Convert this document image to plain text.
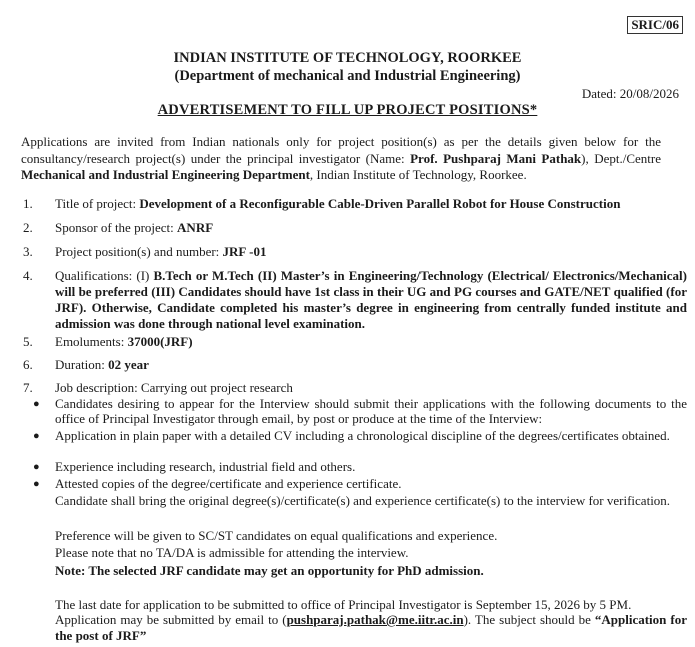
SRIC/06
INDIAN INSTITUTE OF TECHNOLOGY, ROORKEE
(Department of mechanical and Industrial Engineering)
Dated: 20/08/2026
ADVERTISEMENT TO FILL UP PROJECT POSITIONS*
Applications are invited from Indian nationals only for project position(s) as per the details given below for the consultancy/research project(s) under the principal investigator (Name: Prof. Pushparaj Mani Pathak), Dept./Centre Mechanical and Industrial Engineering Department, Indian Institute of Technology, Roorkee.
1. Title of project: Development of a Reconfigurable Cable-Driven Parallel Robot for House Construction
2. Sponsor of the project: ANRF
3. Project position(s) and number: JRF -01
4. Qualifications: (I) B.Tech or M.Tech (II) Master’s in Engineering/Technology (Electrical/ Electronics/Mechanical) will be preferred (III) Candidates should have 1st class in their UG and PG courses and GATE/NET qualified (for JRF). Otherwise, Candidate completed his master’s degree in engineering from centrally funded institute and admission was done through national level examination.
5. Emoluments: 37000(JRF)
6. Duration: 02 year
7. Job description: Carrying out project research
● Candidates desiring to appear for the Interview should submit their applications with the following documents to the office of Principal Investigator through email, by post or produce at the time of the Interview:
● Application in plain paper with a detailed CV including a chronological discipline of the degrees/certificates obtained.
● Experience including research, industrial field and others.
● Attested copies of the degree/certificate and experience certificate.
Candidate shall bring the original degree(s)/certificate(s) and experience certificate(s) to the interview for verification.
Preference will be given to SC/ST candidates on equal qualifications and experience.
Please note that no TA/DA is admissible for attending the interview.
Note: The selected JRF candidate may get an opportunity for PhD admission.
The last date for application to be submitted to office of Principal Investigator is September 15, 2026 by 5 PM.
Application may be submitted by email to (pushparaj.pathak@me.iitr.ac.in). The subject should be “Application for the post of JRF”
